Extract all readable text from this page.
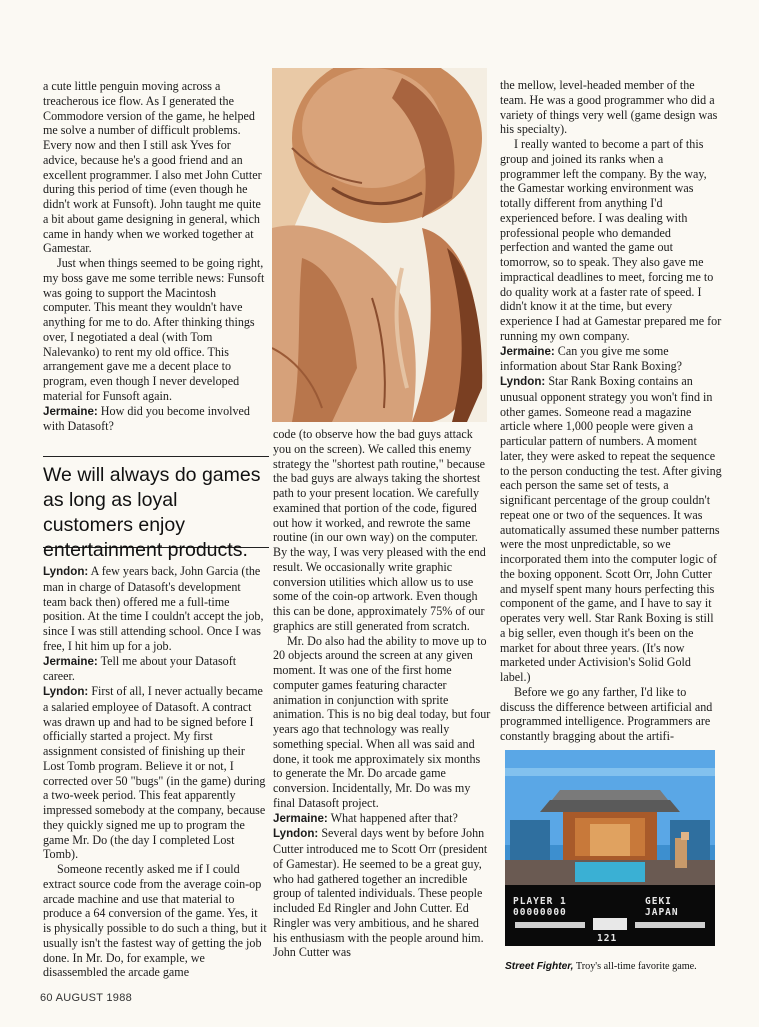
a cute little penguin moving across a treacherous ice flow. As I generated the Commodore version of the game, he helped me solve a number of difficult problems. Every now and then I still ask Yves for advice, because he's a good friend and an excellent programmer. I also met John Cutter during this period of time (even though he didn't work at Funsoft). John taught me quite a bit about game designing in general, which came in handy when we worked together at Gamestar.

Just when things seemed to be going right, my boss gave me some terrible news: Funsoft was going to support the Macintosh computer. This meant they wouldn't have anything for me to do. After thinking things over, I negotiated a deal (with Tom Nalevanko) to rent my old office. This arrangement gave me a decent place to program, even though I never developed material for Funsoft again.

Jermaine: How did you become involved with Datasoft?

We will always do games as long as loyal customers enjoy entertainment products.

Lyndon: A few years back, John Garcia (the man in charge of Datasoft's development team back then) offered me a full-time position. At the time I couldn't accept the job, since I was still attending school. Once I was free, I hit him up for a job.

Jermaine: Tell me about your Datasoft career.

Lyndon: First of all, I never actually became a salaried employee of Datasoft. A contract was drawn up and had to be signed before I officially started a project. My first assignment consisted of finishing up their Lost Tomb program. Believe it or not, I corrected over 50 "bugs" (in the game) during a two-week period. This feat apparently impressed somebody at the company, because they quickly signed me up to program the game Mr. Do (the day I completed Lost Tomb).

Someone recently asked me if I could extract source code from the average coin-op arcade machine and use that material to produce a 64 conversion of the game. Yes, it is physically possible to do such a thing, but it usually isn't the fastest way of getting the job done. In Mr. Do, for example, we disassembled the arcade game

code (to observe how the bad guys attack you on the screen). We called this enemy strategy the "shortest path routine," because the bad guys are always taking the shortest path to your present location. We carefully examined that portion of the code, figured out how it worked, and rewrote the same routine (in our own way) on the computer. By the way, I was very pleased with the end result. We occasionally write graphic conversion utilities which allow us to use some of the coin-op artwork. Even though this can be done, approximately 75% of our graphics are still generated from scratch.

Mr. Do also had the ability to move up to 20 objects around the screen at any given moment. It was one of the first home computer games featuring character animation in conjunction with sprite animation. This is no big deal today, but four years ago that technology was really something special. When all was said and done, it took me approximately six months to generate the Mr. Do arcade game conversion. Incidentally, Mr. Do was my final Datasoft project.

Jermaine: What happened after that?

Lyndon: Several days went by before John Cutter introduced me to Scott Orr (president of Gamestar). He seemed to be a great guy, who had gathered together an incredible group of talented individuals. These people included Ed Ringler and John Cutter. Ed Ringler was very ambitious, and he shared his enthusiasm with the people around him. John Cutter was

the mellow, level-headed member of the team. He was a good programmer who did a variety of things very well (game design was his specialty).

I really wanted to become a part of this group and joined its ranks when a programmer left the company. By the way, the Gamestar working environment was totally different from anything I'd experienced before. I was dealing with professional people who demanded perfection and wanted the game out tomorrow, so to speak. They also gave me impractical deadlines to meet, forcing me to do quality work at a faster rate of speed. I didn't know it at the time, but every experience I had at Gamestar prepared me for running my own company.

Jermaine: Can you give me some information about Star Rank Boxing?

Lyndon: Star Rank Boxing contains an unusual opponent strategy you won't find in other games. Someone read a magazine article where 1,000 people were given a particular pattern of numbers. A moment later, they were asked to repeat the sequence to the person conducting the test. After giving each person the same set of tests, a significant percentage of the group couldn't repeat one or two of the sequences. It was automatically assumed these number patterns were the most unpredictable, so we incorporated them into the computer logic of the boxing opponent. Scott Orr, John Cutter and myself spent many hours perfecting this component of the game, and I have to say it operates very well. Star Rank Boxing is still a big seller, even though it's been on the market for about three years. (It's now marketed under Activision's Solid Gold label.)

Before we go any farther, I'd like to discuss the difference between artificial and programmed intelligence. Programmers are constantly bragging about the artifi-

PLAYER 1
00000000
GEKI
JAPAN
121
Street Fighter, Troy's all-time favorite game.
60 AUGUST 1988
